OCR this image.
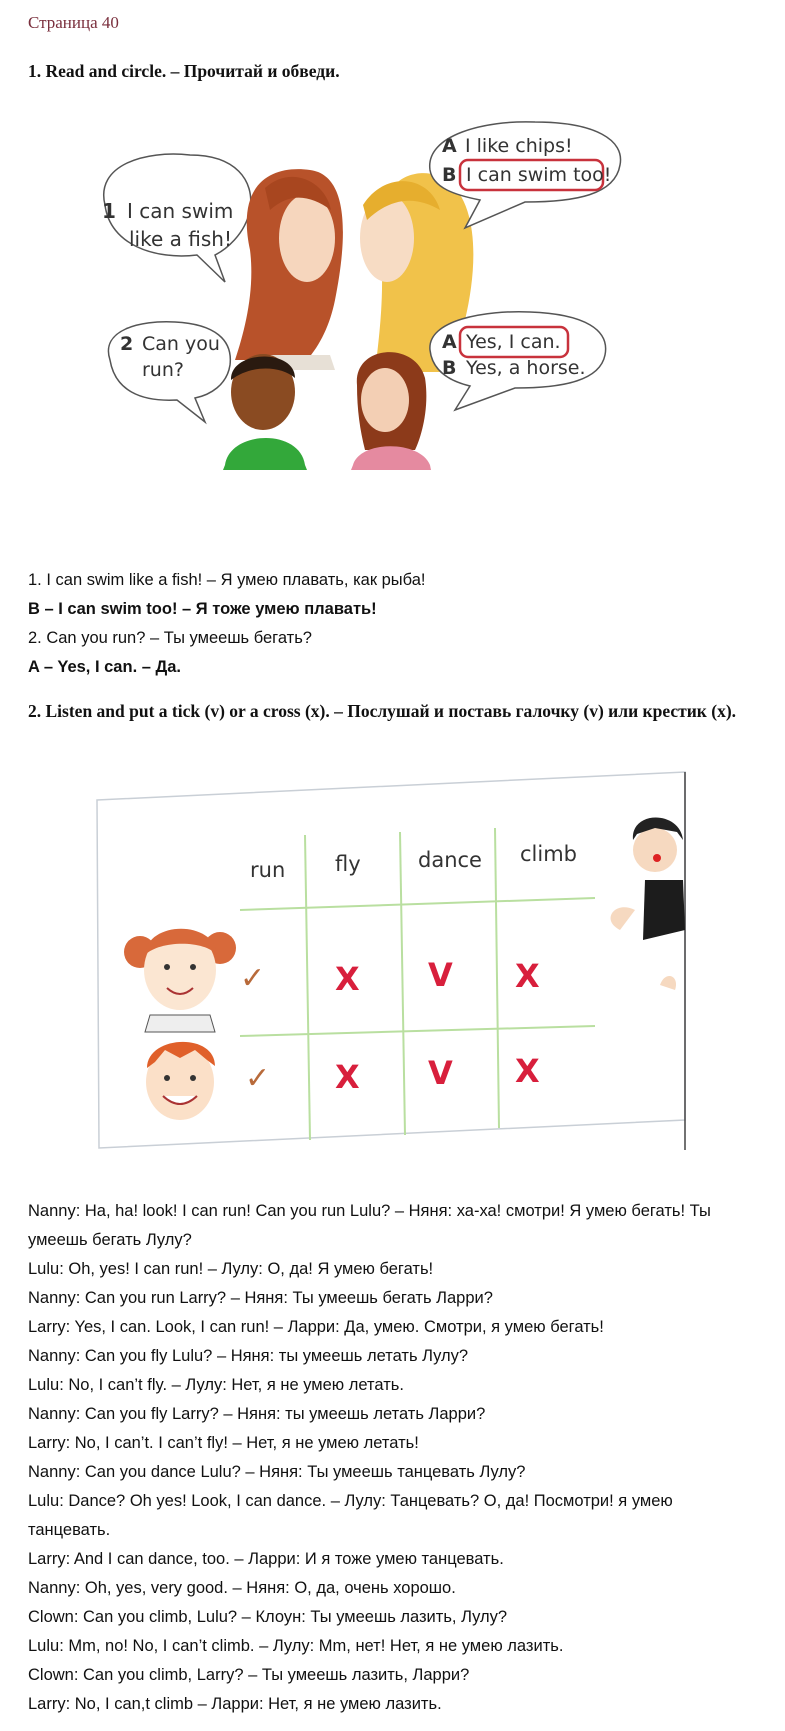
Страница 40
1. Read and circle. – Прочитай и обведи.
1 I can swim
like a fish!
A I like chips!
B I can swim too!
2 Can you
run?
A Yes, I can.
B Yes, a horse.
1. I can swim like a fish! – Я умею плавать, как рыба!
B – I can swim too! – Я тоже умею плавать!
2. Can you run? – Ты умеешь бегать?
A – Yes, I can. – Да.
2. Listen and put a tick (v) or a cross (x). – Послушай и поставь галочку (v) или крестик (x).
run fly	dance climb
✓ X V X
✓ X V X
Nanny: Ha, ha! look! I can run! Can you run Lulu? – Няня: ха-ха! смотри! Я умею бегать! Ты умеешь бегать Лулу?
Lulu: Oh, yes! I can run! – Лулу: О, да! Я умею бегать!
Nanny: Can you run Larry? – Няня: Ты умеешь бегать Ларри?
Larry: Yes, I can. Look, I can run! – Ларри: Да, умею. Смотри, я умею бегать!
Nanny: Can you fly Lulu? – Няня: ты умеешь летать Лулу?
Lulu: No, I can’t fly. – Лулу: Нет, я не умею летать.
Nanny: Can you fly Larry? – Няня: ты умеешь летать Ларри?
Larry: No, I can’t. I can’t fly! – Нет, я не умею летать!
Nanny: Can you dance Lulu? – Няня: Ты умеешь танцевать Лулу?
Lulu: Dance? Oh yes! Look, I can dance. – Лулу: Танцевать? О, да! Посмотри! я умею танцевать.
Larry: And I can dance, too. – Ларри: И я тоже умею танцевать.
Nanny: Oh, yes, very good. – Няня: О, да, очень хорошо.
Clown: Can you climb, Lulu? – Клоун: Ты умеешь лазить, Лулу?
Lulu: Mm, no! No, I can’t climb. – Лулу: Mm, нет! Нет, я не умею лазить.
Clown: Can you climb, Larry? – Ты умеешь лазить, Ларри?
Larry: No, I can,t climb – Ларри: Нет, я не умею лазить.
